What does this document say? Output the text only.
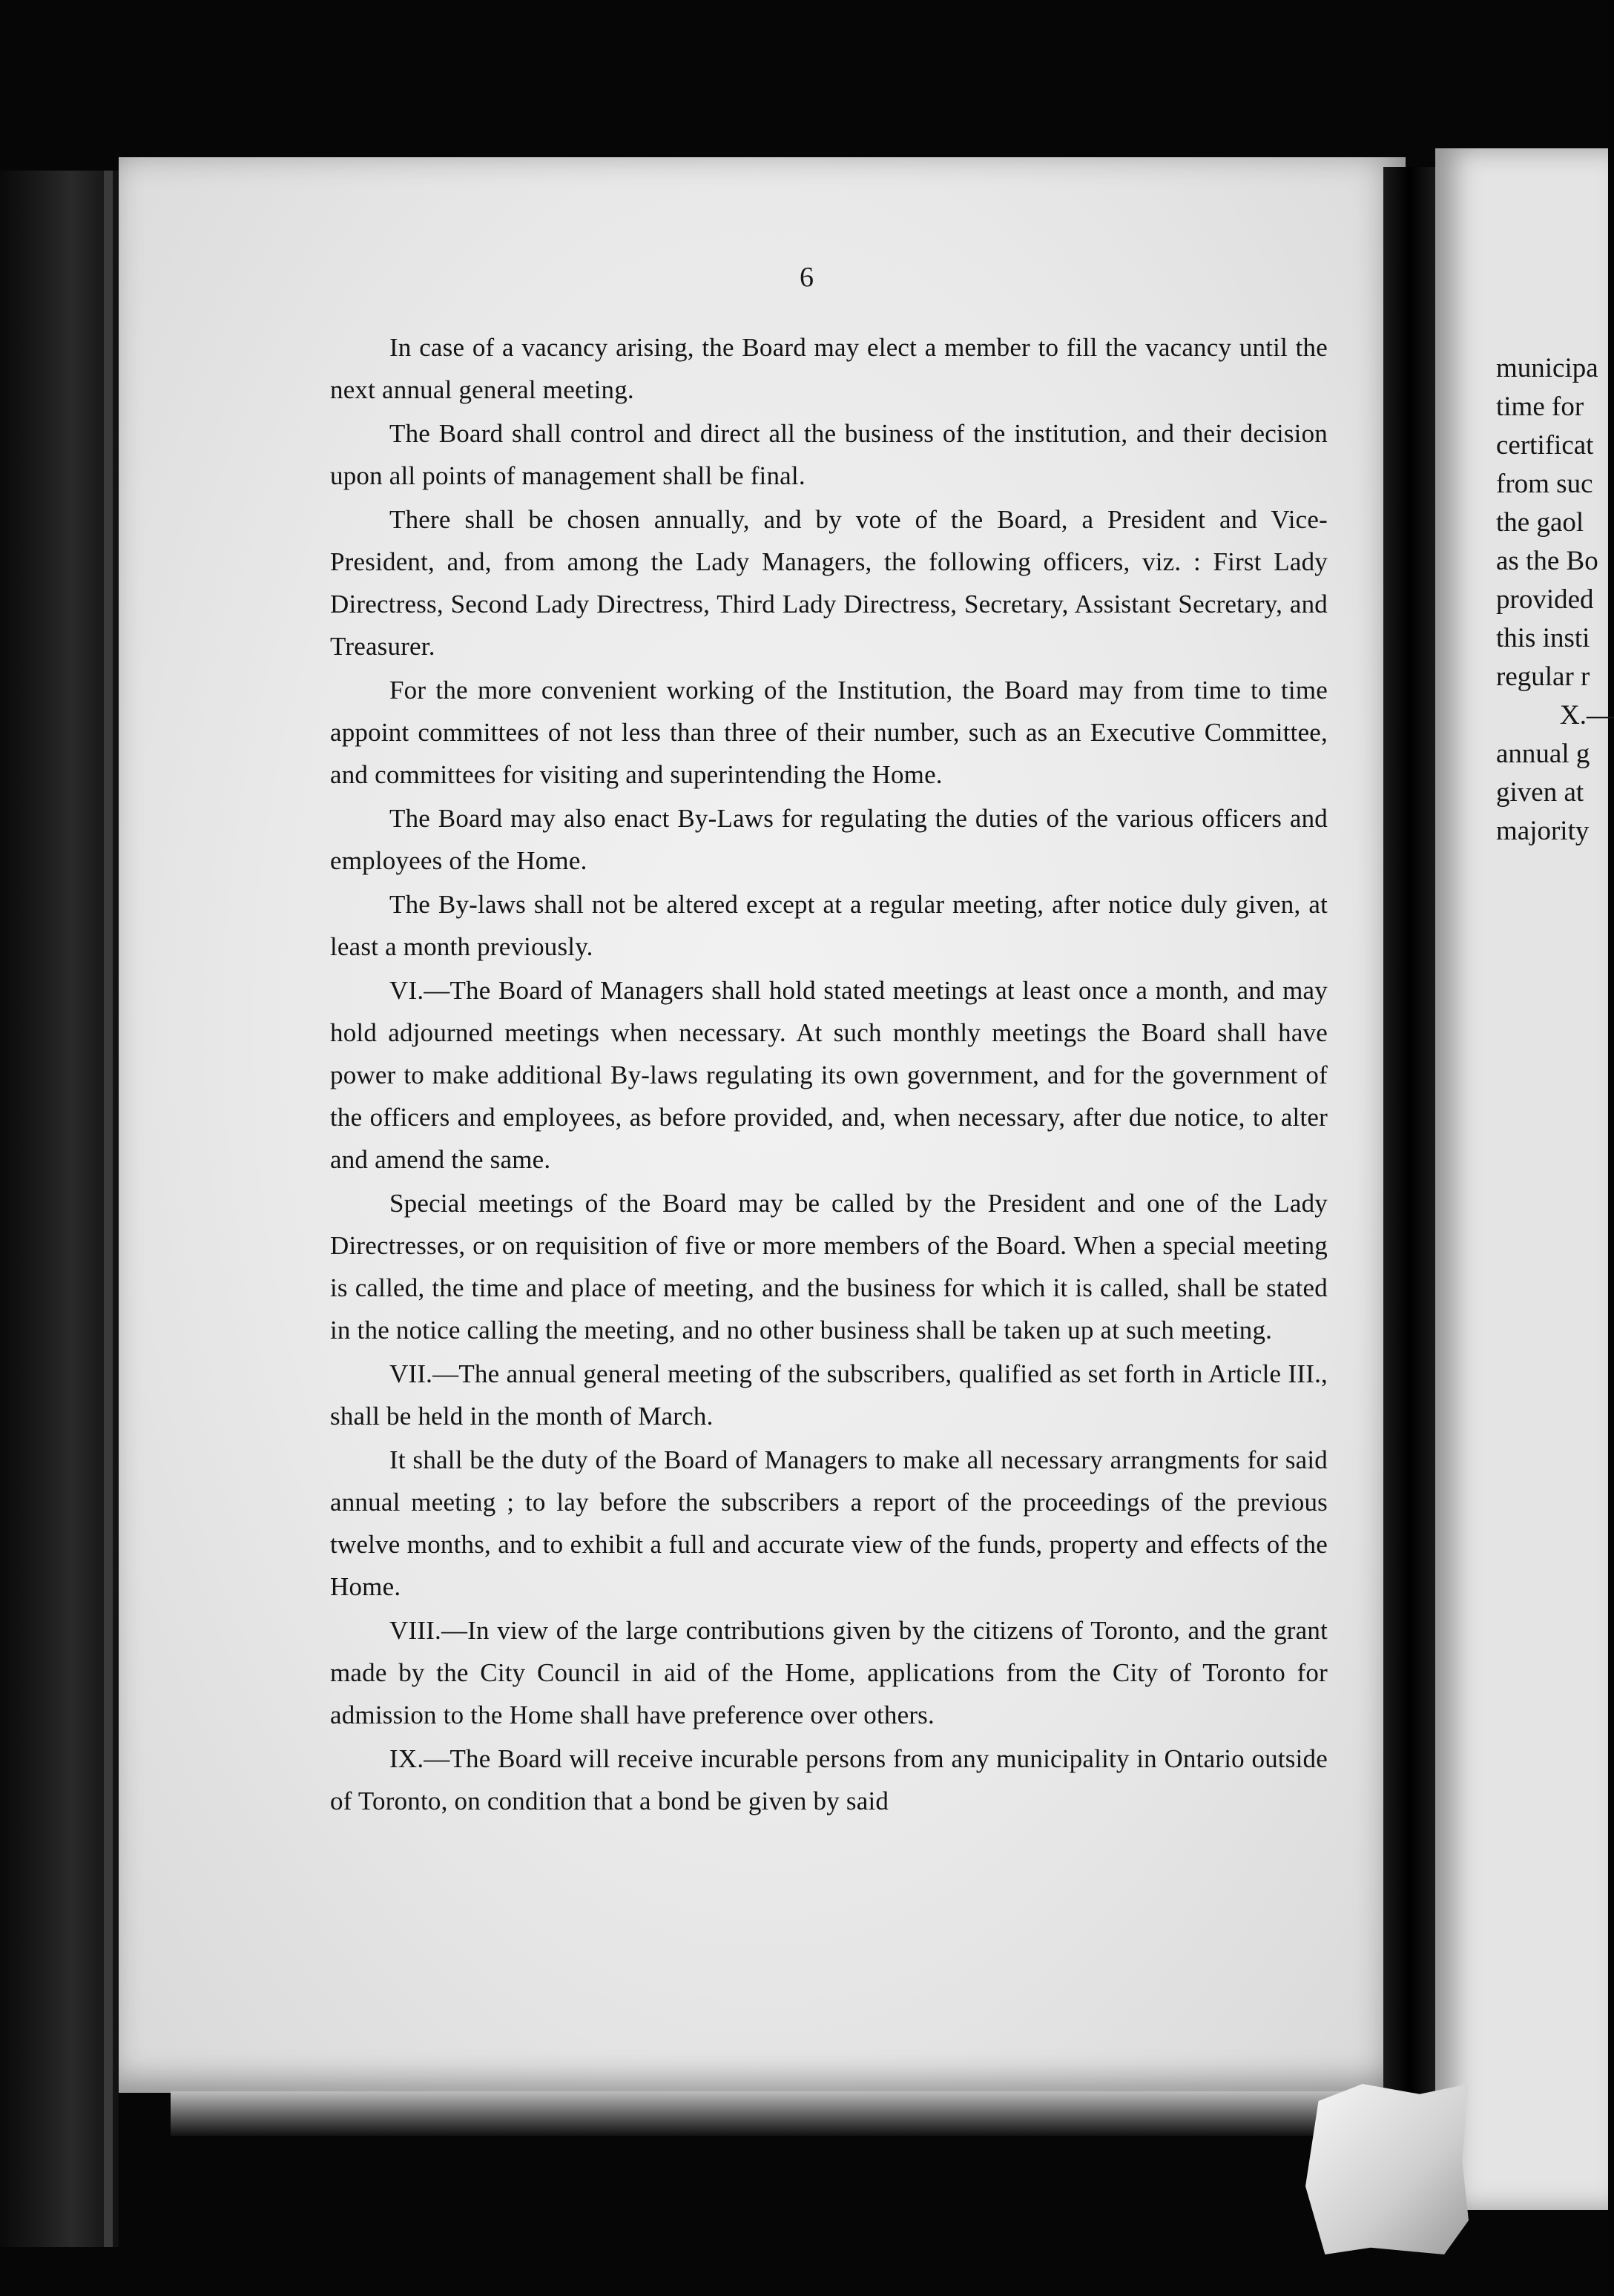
6

In case of a vacancy arising, the Board may elect a member to fill the vacancy until the next annual general meeting.

The Board shall control and direct all the business of the institution, and their decision upon all points of management shall be final.

There shall be chosen annually, and by vote of the Board, a President and Vice-President, and, from among the Lady Managers, the following officers, viz. : First Lady Directress, Second Lady Directress, Third Lady Directress, Secretary, Assistant Secretary, and Treasurer.

For the more convenient working of the Institution, the Board may from time to time appoint committees of not less than three of their number, such as an Executive Committee, and committees for visiting and superintending the Home.

The Board may also enact By-Laws for regulating the duties of the various officers and employees of the Home.

The By-laws shall not be altered except at a regular meeting, after notice duly given, at least a month previously.

VI.—The Board of Managers shall hold stated meetings at least once a month, and may hold adjourned meetings when necessary. At such monthly meetings the Board shall have power to make additional By-laws regulating its own government, and for the government of the officers and employees, as before provided, and, when necessary, after due notice, to alter and amend the same.

Special meetings of the Board may be called by the President and one of the Lady Directresses, or on requisition of five or more members of the Board. When a special meeting is called, the time and place of meeting, and the business for which it is called, shall be stated in the notice calling the meeting, and no other business shall be taken up at such meeting.

VII.—The annual general meeting of the subscribers, qualified as set forth in Article III., shall be held in the month of March.

It shall be the duty of the Board of Managers to make all necessary arrangments for said annual meeting ; to lay before the subscribers a report of the proceedings of the previous twelve months, and to exhibit a full and accurate view of the funds, property and effects of the Home.

VIII.—In view of the large contributions given by the citizens of Toronto, and the grant made by the City Council in aid of the Home, applications from the City of Toronto for admission to the Home shall have preference over others.

IX.—The Board will receive incurable persons from any municipality in Ontario outside of Toronto, on condition that a bond be given by said

municipa
time for
certificat
from suc
the gaol
as the Bo
provided
this insti
regular r
X.—
annual g
given at
majority
